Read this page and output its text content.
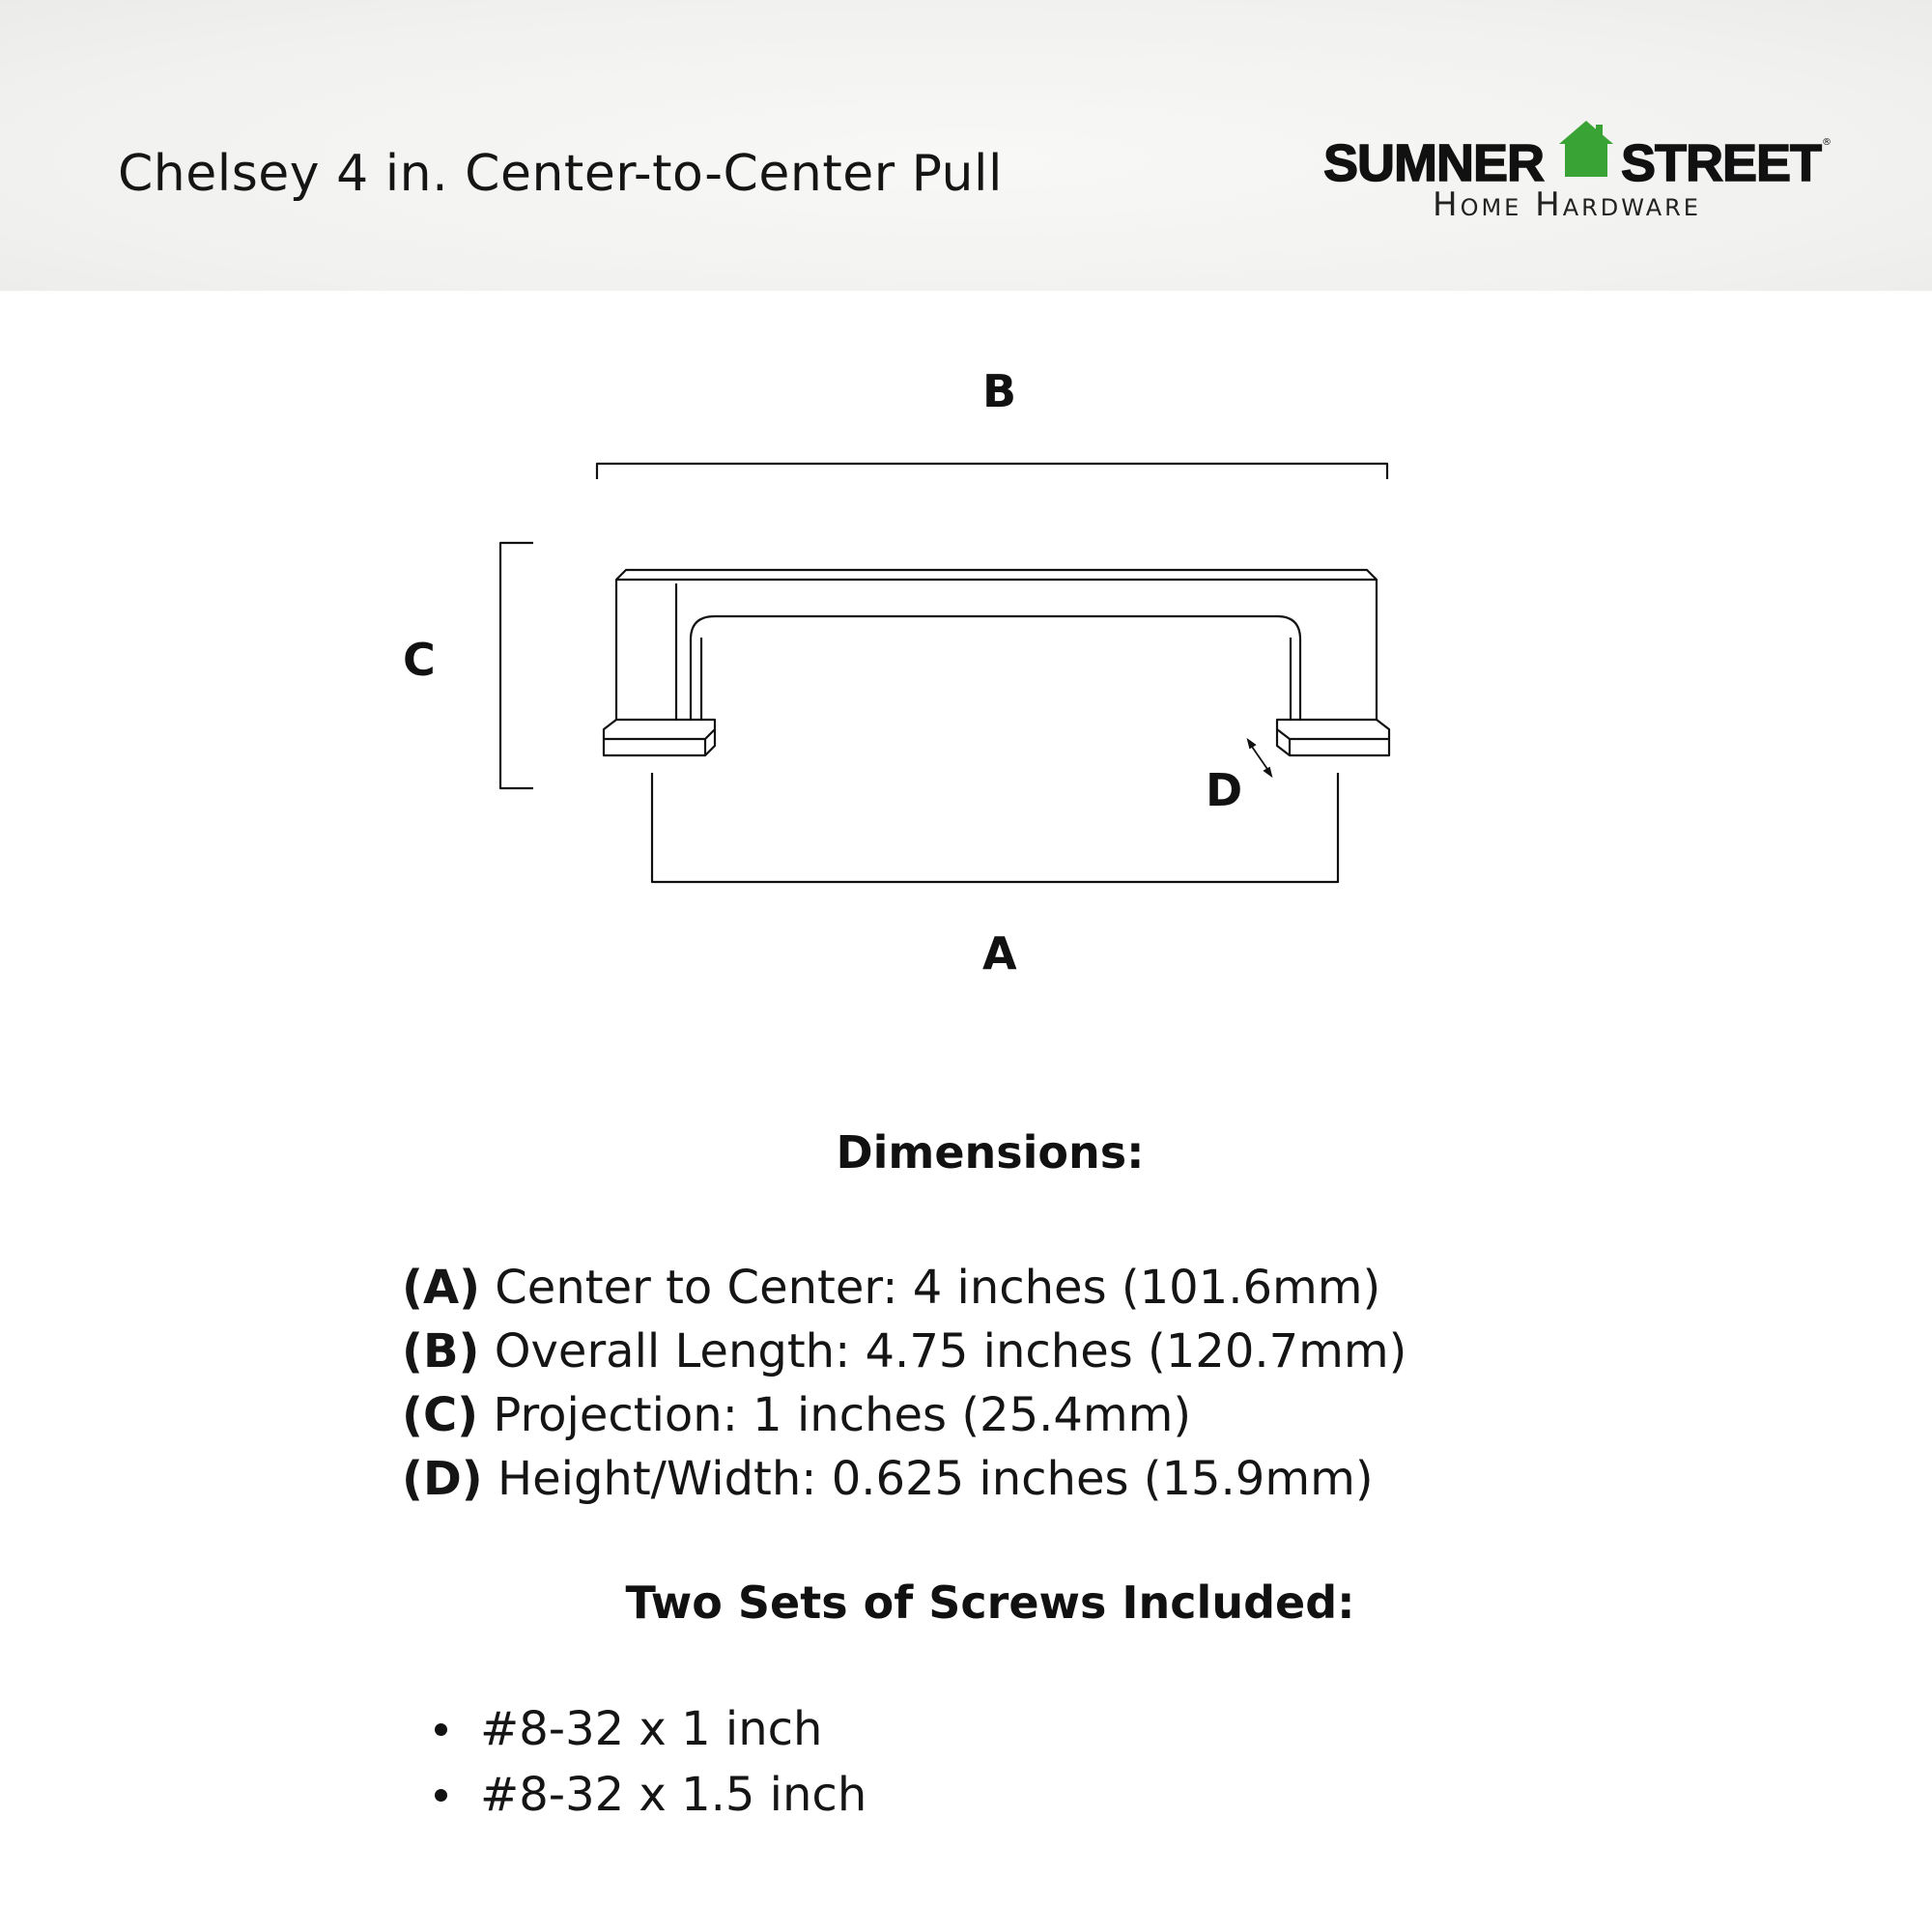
Chelsey 4 in. Center-to-Center Pull	SUMNER STREET ®
Home Hardware
B
C
D
A
Dimensions:
(A) Center to Center: 4 inches (101.6mm)
(B) Overall Length: 4.75 inches (120.7mm)
(C) Projection: 1 inches (25.4mm)
(D) Height/Width: 0.625 inches (15.9mm)
Two Sets of Screws Included:
#8-32 x 1 inch
#8-32 x 1.5 inch
